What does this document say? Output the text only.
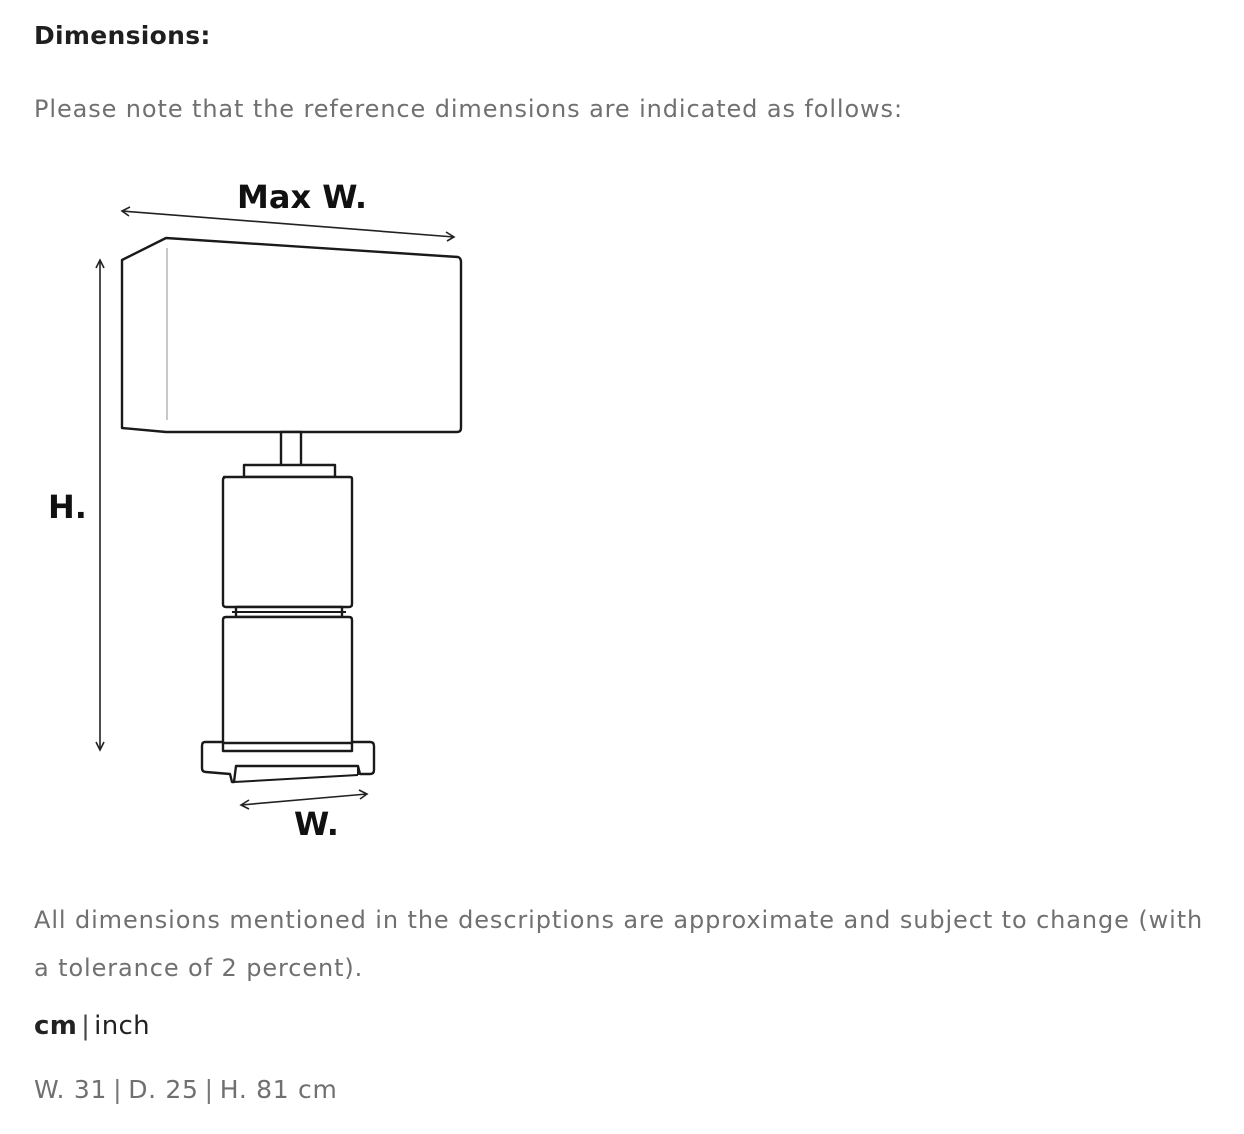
Dimensions:

Please note that the reference dimensions are indicated as follows:

Max W.
H.
W.

All dimensions mentioned in the descriptions are approximate and subject to change (with a tolerance of 2 percent).

cm | inch
W. 31 | D. 25 | H. 81 cm
